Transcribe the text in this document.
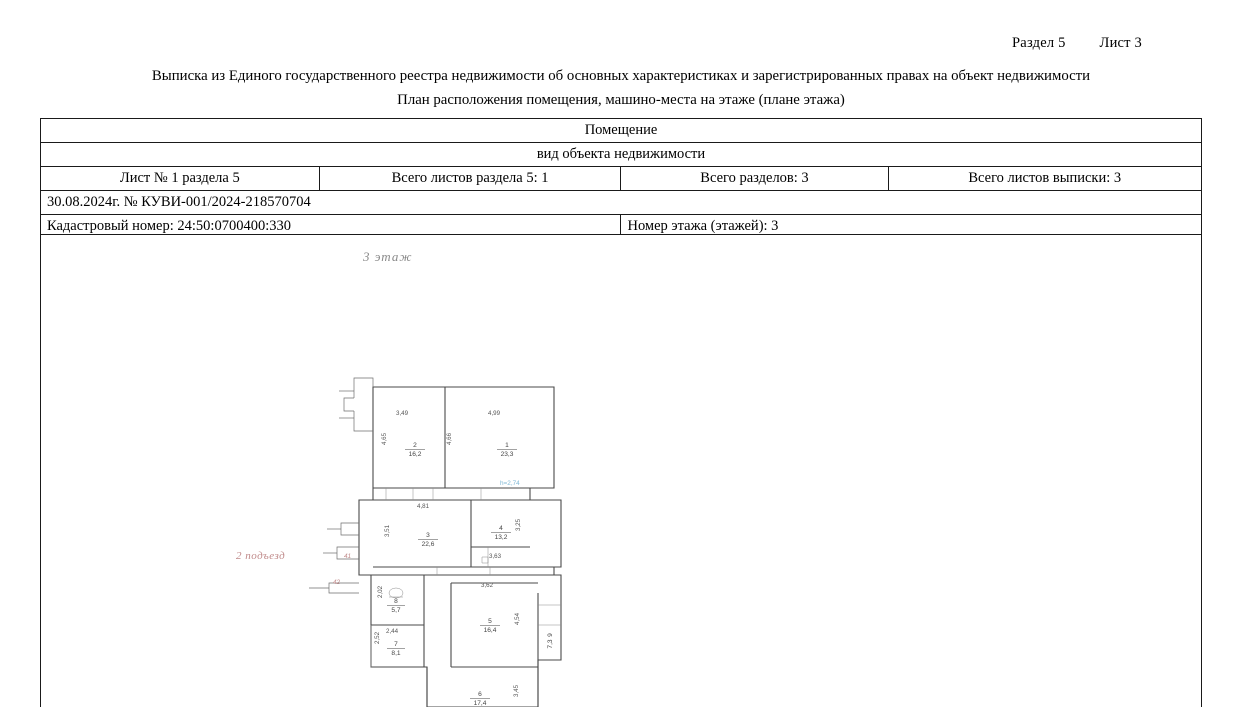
Раздел 5 Лист 3
Выписка из Единого государственного реестра недвижимости об основных характеристиках и зарегистрированных правах на объект недвижимости
План расположения помещения, машино-места на этаже (плане этажа)
Помещение			
вид объекта недвижимости			
Лист № 1 раздела 5	Всего листов раздела 5: 1	Всего разделов: 3	Всего листов выписки: 3
30.08.2024г. № КУВИ-001/2024-218570704			
Кадастровый номер: 24:50:0700400:330		Номер этажа (этажей): 3	
3 этаж
2 подъезд
1
23,3
2
16,2
3
22,6
4
13,2
5
16,4
6
17,4
7
8,1
8
5,7
9
7,3
3,49	4,99
4,81
3,63
3,62
2,44
4,65	4,66
3,51	3,25
2,02
2,52
4,54
3,45
h=2,74
41
42
